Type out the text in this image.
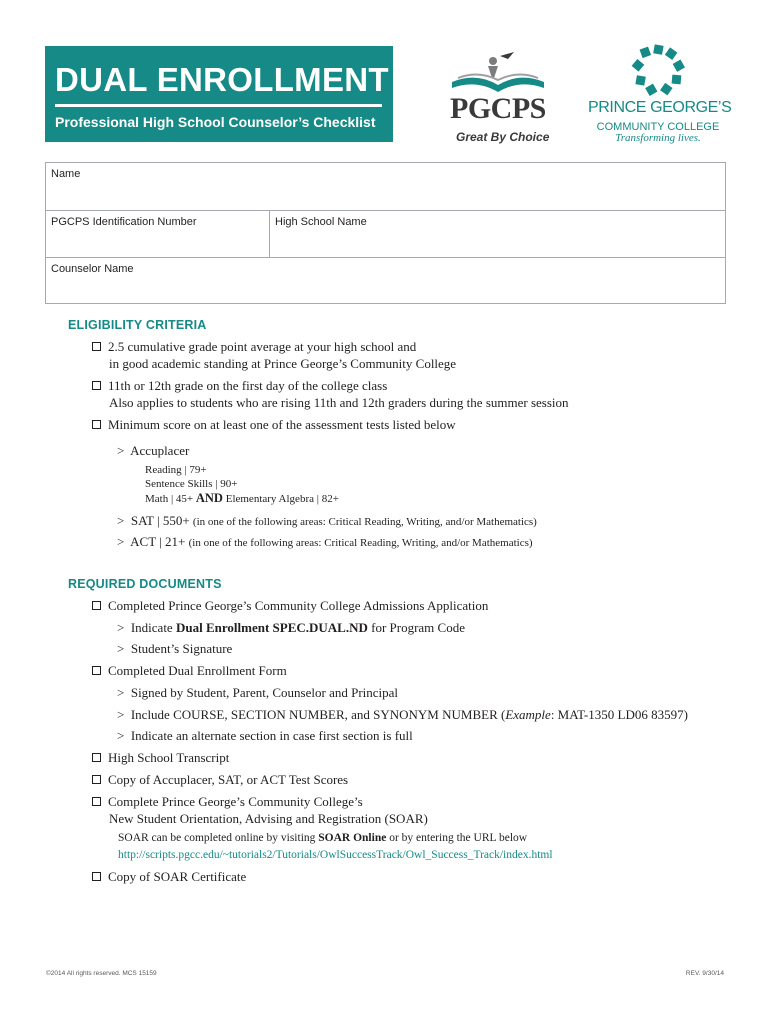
DUAL ENROLLMENT
Professional High School Counselor’s Checklist PGCPS
Great By Choice
PRINCE GEORGE’S
COMMUNITY COLLEGE
Transforming lives.
Name
PGCPS Identification Number	High School Name
Counselor Name
ELIGIBILITY CRITERIA
2.5 cumulative grade point average at your high school and
in good academic standing at Prince George’s Community College
11th or 12th grade on the first day of the college class
Also applies to students who are rising 11th and 12th graders during the summer session
Minimum score on at least one of the assessment tests listed below
> Accuplacer
Reading | 79+
Sentence Skills | 90+
Math | 45+ AND Elementary Algebra | 82+
> SAT | 550+ (in one of the following areas: Critical Reading, Writing, and/or Mathematics)
> ACT | 21+ (in one of the following areas: Critical Reading, Writing, and/or Mathematics)
REQUIRED DOCUMENTS
Completed Prince George’s Community College Admissions Application
> Indicate Dual Enrollment SPEC.DUAL.ND for Program Code
> Student’s Signature
Completed Dual Enrollment Form
> Signed by Student, Parent, Counselor and Principal
> Include COURSE, SECTION NUMBER, and SYNONYM NUMBER (Example: MAT-1350 LD06 83597)
> Indicate an alternate section in case first section is full
High School Transcript
Copy of Accuplacer, SAT, or ACT Test Scores
Complete Prince George’s Community College’s
New Student Orientation, Advising and Registration (SOAR)
SOAR can be completed online by visiting SOAR Online or by entering the URL below
http://scripts.pgcc.edu/~tutorials2/Tutorials/OwlSuccessTrack/Owl_Success_Track/index.html
Copy of SOAR Certificate
©2014 All rights reserved. MCS 15159	REV. 9/30/14
